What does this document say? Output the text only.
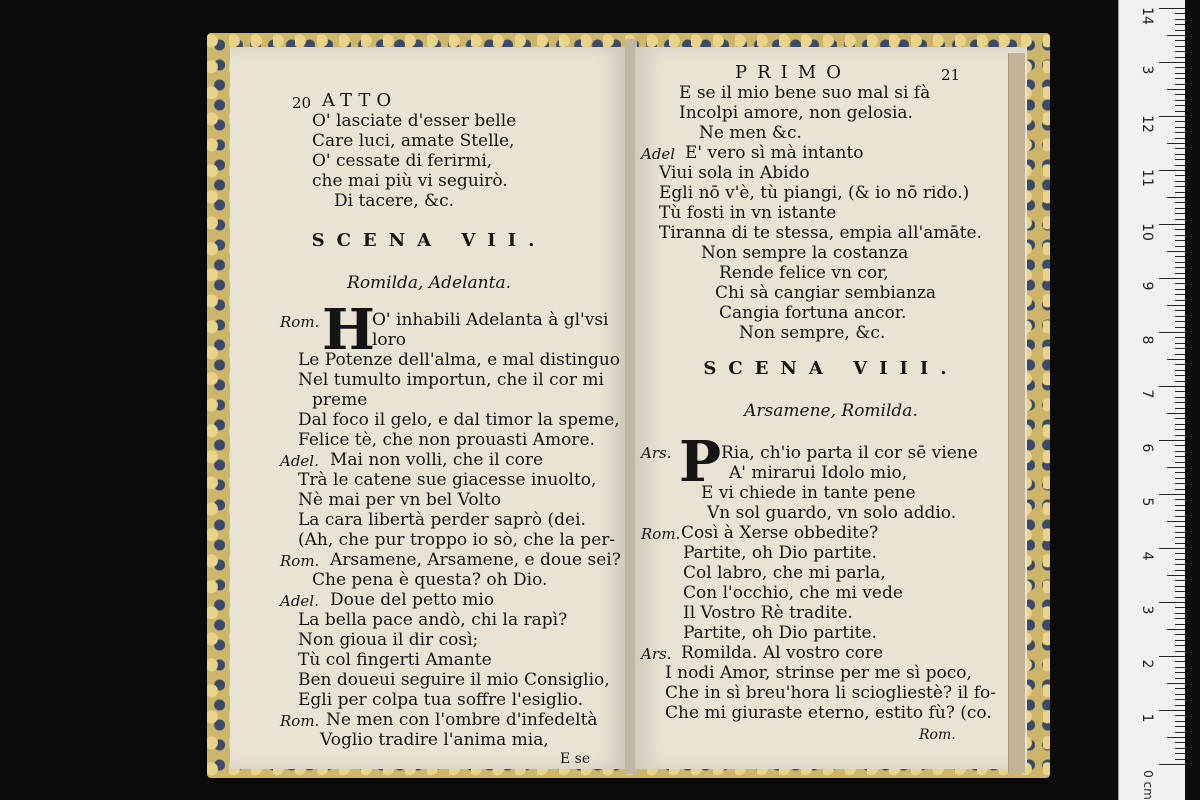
20 ATTO
O' lasciate d'esser belle
Care luci, amate Stelle,
O' cessate di ferirmi,
che mai più vi seguirò.
Di tacere, &c.
SCENA VII.
Romilda, Adelanta.
Rom. H
O' inhabili Adelanta à gl'vsi
loro
Le Potenze dell'alma, e mal distinguo
Nel tumulto importun, che il cor mi
preme
Dal foco il gelo, e dal timor la speme,
Felice tè, che non prouasti Amore.
Adel. Mai non volli, che il core
Trà le catene sue giacesse inuolto,
Nè mai per vn bel Volto
La cara libertà perder saprò (dei.
(Ah, che pur troppo io sò, che la per-
Rom. Arsamene, Arsamene, e doue sei?
Che pena è questa? oh Dio.
Adel. Doue del petto mio
La bella pace andò, chi la rapì?
Non gioua il dir così;
Tù col fingerti Amante
Ben doueui seguire il mio Consiglio,
Egli per colpa tua soffre l'esiglio.
Rom. Ne men con l'ombre d'infedeltà
Voglio tradire l'anima mia,
E se
PRIMO	21
E se il mio bene suo mal si fà
Incolpi amore, non gelosia.
Ne men &c.
Adel E' vero sì mà intanto
Viui sola in Abido
Egli nō v'è, tù piangi, (& io nō rido.)
Tù fosti in vn istante
Tiranna di te stessa, empia all'amāte.
Non sempre la costanza
Rende felice vn cor,
Chi sà cangiar sembianza
Cangia fortuna ancor.
Non sempre, &c.
SCENA VIII.
Arsamene, Romilda.
Ars. P Ria, ch'io parta il cor sē viene
A' mirarui Idolo mio,
E vi chiede in tante pene
Vn sol guardo, vn solo addio.
Rom. Così à Xerse obbedite?
Partite, oh Dio partite.
Col labro, che mi parla,
Con l'occhio, che mi vede
Il Vostro Rè tradite.
Partite, oh Dio partite.
Ars. Romilda. Al vostro core
I nodi Amor, strinse per me sì poco,
Che in sì breu'hora li sciogliestè? il fo-
Che mi giuraste eterno, estito fù? (co.
Rom.
0 cm
14
3
12
11
10
9
8
7
6
5
4
3
2
1
